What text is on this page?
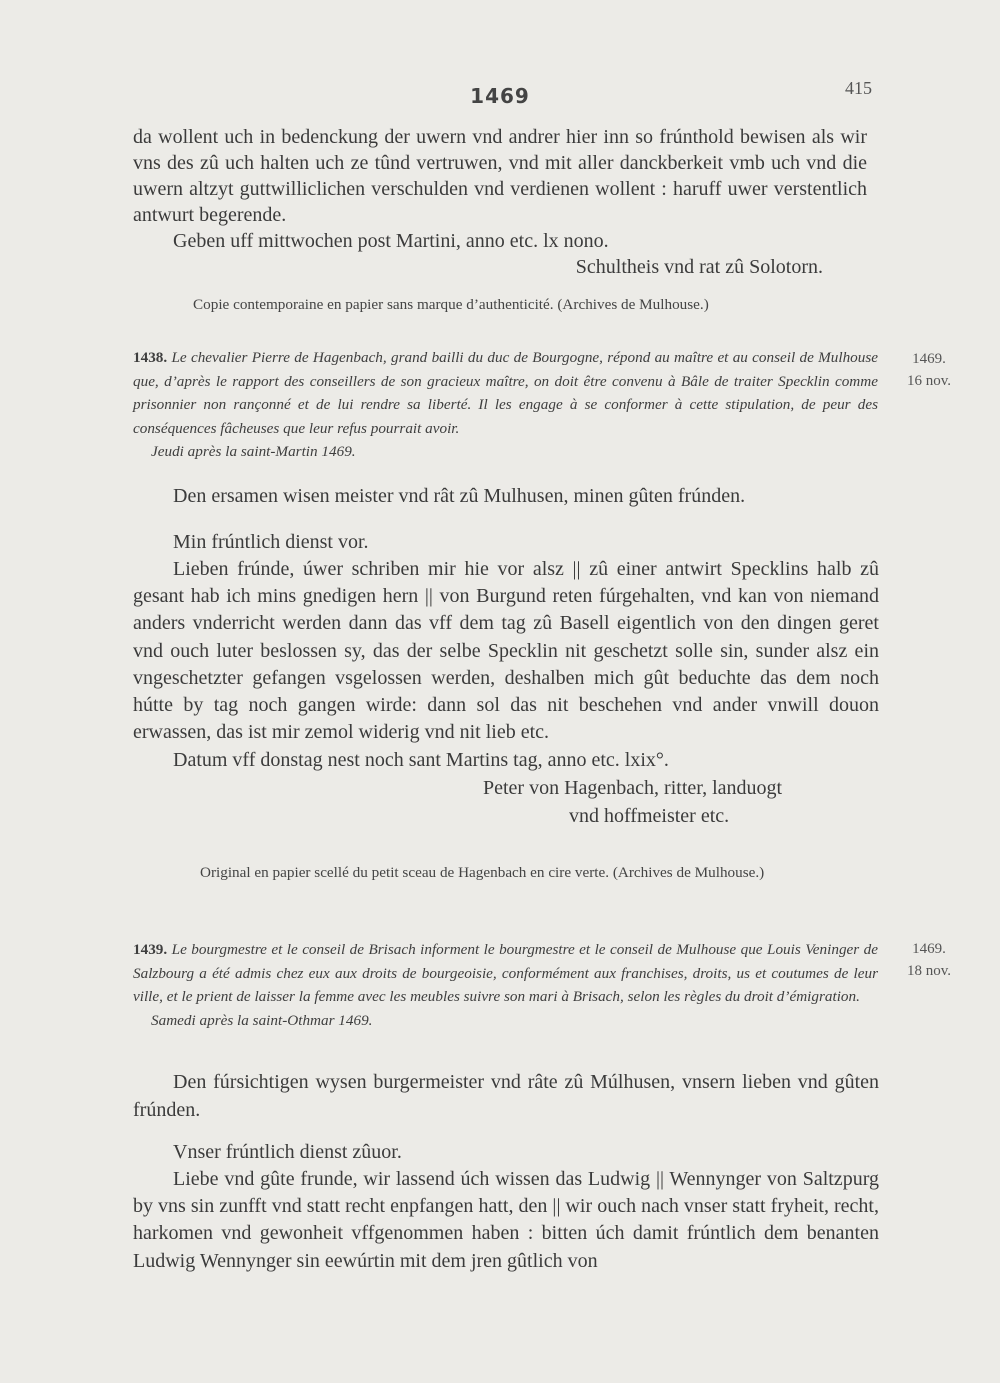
1469	415

da wollent uch in bedenckung der uwern vnd andrer hier inn so frúnthold bewisen als wir vns des zû uch halten uch ze tûnd vertruwen, vnd mit aller danckberkeit vmb uch vnd die uwern altzyt guttwilliclichen verschulden vnd verdienen wollent : haruff uwer verstentlich antwurt begerende.

Geben uff mittwochen post Martini, anno etc. lx nono.

Schultheis vnd rat zû Solotorn.

Copie contemporaine en papier sans marque d’authenticité. (Archives de Mulhouse.)

1438. Le chevalier Pierre de Hagenbach, grand bailli du duc de Bourgogne, répond au maître et au conseil de Mulhouse que, d’après le rapport des conseillers de son gracieux maître, on doit être convenu à Bâle de traiter Specklin comme prisonnier non rançonné et de lui rendre sa liberté. Il les engage à se conformer à cette stipulation, de peur des conséquences fâcheuses que leur refus pourrait avoir.

Jeudi après la saint-Martin 1469.

1469.
16 nov.

Den ersamen wisen meister vnd rât zû Mulhusen, minen gûten frúnden.

Min frúntlich dienst vor.

Lieben frúnde, úwer schriben mir hie vor alsz || zû einer antwirt Specklins halb zû gesant hab ich mins gnedigen hern || von Burgund reten fúrgehalten, vnd kan von niemand anders vnderricht werden dann das vff dem tag zû Basell eigentlich von den dingen geret vnd ouch luter beslossen sy, das der selbe Specklin nit geschetzt solle sin, sunder alsz ein vngeschetzter gefangen vsgelossen werden, deshalben mich gût beduchte das dem noch hútte by tag noch gangen wirde: dann sol das nit beschehen vnd ander vnwill douon erwassen, das ist mir zemol widerig vnd nit lieb etc.

Datum vff donstag nest noch sant Martins tag, anno etc. lxix°.

Peter von Hagenbach, ritter, landuogt

vnd hoffmeister etc.

Original en papier scellé du petit sceau de Hagenbach en cire verte. (Archives de Mulhouse.)

1439. Le bourgmestre et le conseil de Brisach informent le bourgmestre et le conseil de Mulhouse que Louis Veninger de Salzbourg a été admis chez eux aux droits de bourgeoisie, conformément aux franchises, droits, us et coutumes de leur ville, et le prient de laisser la femme avec les meubles suivre son mari à Brisach, selon les règles du droit d’émigration.

Samedi après la saint-Othmar 1469.

1469.
18 nov.

Den fúrsichtigen wysen burgermeister vnd râte zû Múlhusen, vnsern lieben vnd gûten frúnden.

Vnser frúntlich dienst zûuor.

Liebe vnd gûte frunde, wir lassend úch wissen das Ludwig || Wennynger von Saltzpurg by vns sin zunfft vnd statt recht enpfangen hatt, den || wir ouch nach vnser statt fryheit, recht, harkomen vnd gewonheit vffgenommen haben : bitten úch damit frúntlich dem benanten Ludwig Wennynger sin eewúrtin mit dem jren gûtlich von
